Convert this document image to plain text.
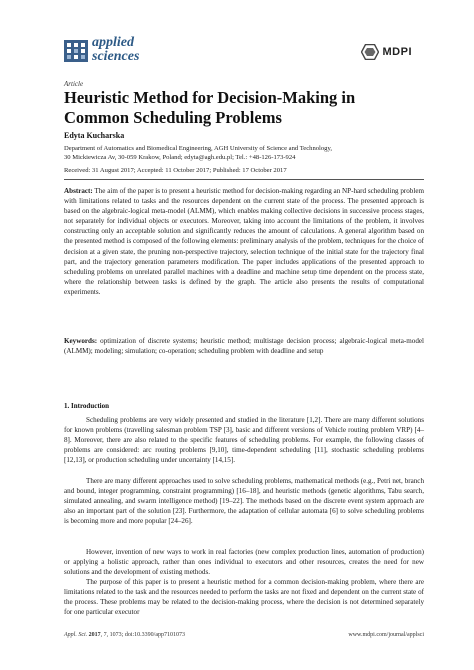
applied
sciences	MDPI
Article
Heuristic Method for Decision-Making in Common Scheduling Problems
Edyta Kucharska
Department of Automatics and Biomedical Engineering, AGH University of Science and Technology,
30 Mickiewicza Av, 30-059 Krakow, Poland; edyta@agh.edu.pl; Tel.: +48-126-173-924
Received: 31 August 2017; Accepted: 11 October 2017; Published: 17 October 2017
Abstract: The aim of the paper is to present a heuristic method for decision-making regarding an NP-hard scheduling problem with limitations related to tasks and the resources dependent on the current state of the process. The presented approach is based on the algebraic-logical meta-model (ALMM), which enables making collective decisions in successive process stages, not separately for individual objects or executors. Moreover, taking into account the limitations of the problem, it involves constructing only an acceptable solution and significantly reduces the amount of calculations. A general algorithm based on the presented method is composed of the following elements: preliminary analysis of the problem, techniques for the choice of decision at a given state, the pruning non-perspective trajectory, selection technique of the initial state for the trajectory final part, and the trajectory generation parameters modification. The paper includes applications of the presented approach to scheduling problems on unrelated parallel machines with a deadline and machine setup time dependent on the process state, where the relationship between tasks is defined by the graph. The article also presents the results of computational experiments.
Keywords: optimization of discrete systems; heuristic method; multistage decision process; algebraic-logical meta-model (ALMM); modeling; simulation; co-operation; scheduling problem with deadline and setup
1. Introduction
Scheduling problems are very widely presented and studied in the literature [1,2]. There are many different solutions for known problems (travelling salesman problem TSP [3], basic and different versions of Vehicle routing problem VRP) [4–8]. Moreover, there are also related to the specific features of scheduling problems. For example, the following classes of problems are considered: arc routing problems [9,10], time-dependent scheduling [11], stochastic scheduling problems [12,13], or production scheduling under uncertainty [14,15].
There are many different approaches used to solve scheduling problems, mathematical methods (e.g., Petri net, branch and bound, integer programming, constraint programming) [16–18], and heuristic methods (genetic algorithms, Tabu search, simulated annealing, and swarm intelligence method) [19–22]. The methods based on the discrete event system approach are also an important part of the solution [23]. Furthermore, the adaptation of cellular automata [6] to solve scheduling problems is becoming more and more popular [24–26].
However, invention of new ways to work in real factories (new complex production lines, automation of production) or applying a holistic approach, rather than ones individual to executors and other resources, creates the need for new solutions and the development of existing methods.
The purpose of this paper is to present a heuristic method for a common decision-making problem, where there are limitations related to the task and the resources needed to perform the tasks are not fixed and dependent on the current state of the process. These problems may be related to the decision-making process, where the decision is not determined separately for one particular executor
Appl. Sci. 2017, 7, 1073; doi:10.3390/app7101073	www.mdpi.com/journal/applsci
